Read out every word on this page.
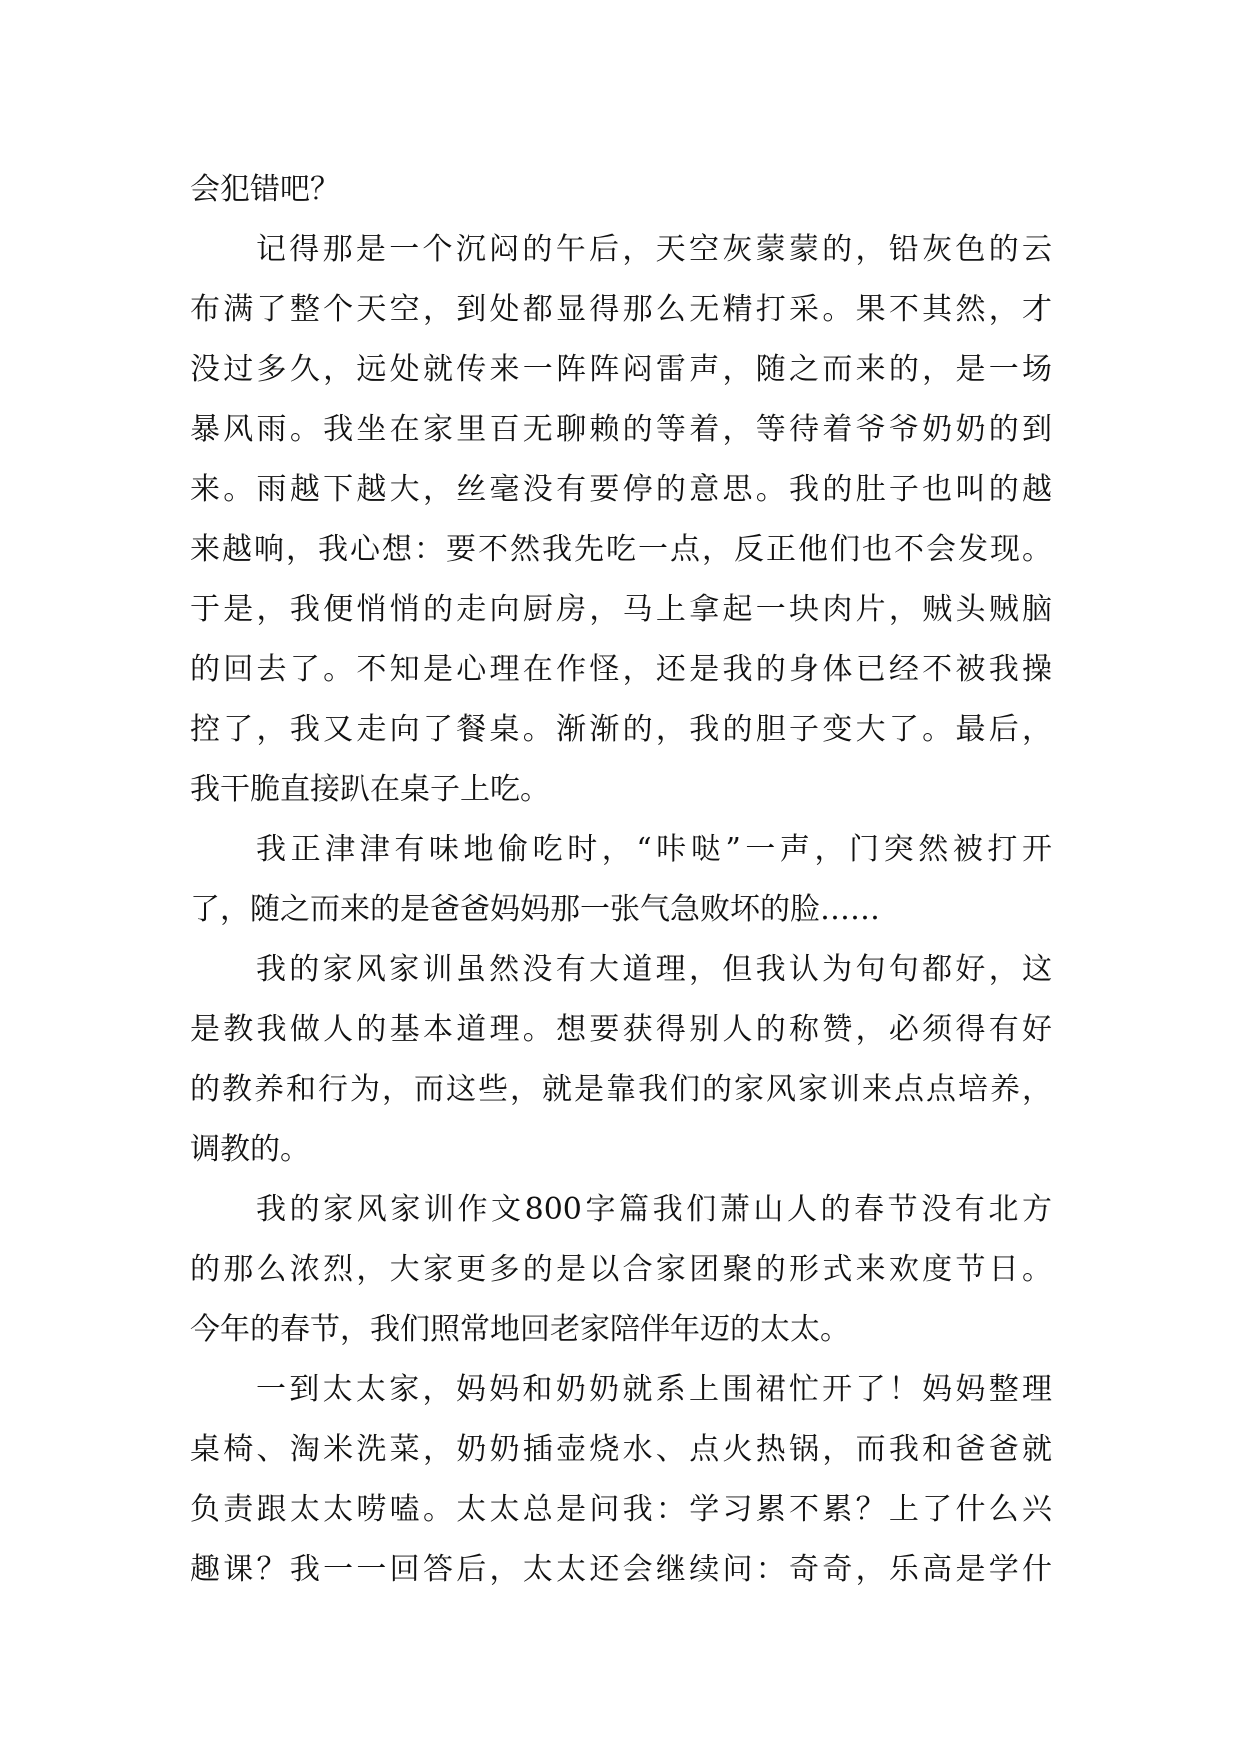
会犯错吧？
记得那是一个沉闷的午后，天空灰蒙蒙的，铅灰色的云
布满了整个天空，到处都显得那么无精打采。果不其然，才
没过多久，远处就传来一阵阵闷雷声，随之而来的，是一场
暴风雨。我坐在家里百无聊赖的等着，等待着爷爷奶奶的到
来。雨越下越大，丝毫没有要停的意思。我的肚子也叫的越
来越响，我心想：要不然我先吃一点，反正他们也不会发现。
于是，我便悄悄的走向厨房，马上拿起一块肉片，贼头贼脑
的回去了。不知是心理在作怪，还是我的身体已经不被我操
控了，我又走向了餐桌。渐渐的，我的胆子变大了。最后，
我干脆直接趴在桌子上吃。
我正津津有味地偷吃时，“咔哒”一声，门突然被打开
了，随之而来的是爸爸妈妈那一张气急败坏的脸……
我的家风家训虽然没有大道理，但我认为句句都好，这
是教我做人的基本道理。想要获得别人的称赞，必须得有好
的教养和行为，而这些，就是靠我们的家风家训来点点培养，
调教的。
我的家风家训作文800字篇我们萧山人的春节没有北方
的那么浓烈，大家更多的是以合家团聚的形式来欢度节日。
今年的春节，我们照常地回老家陪伴年迈的太太。
一到太太家，妈妈和奶奶就系上围裙忙开了！妈妈整理
桌椅、淘米洗菜，奶奶插壶烧水、点火热锅，而我和爸爸就
负责跟太太唠嗑。太太总是问我：学习累不累？上了什么兴
趣课？我一一回答后，太太还会继续问：奇奇，乐高是学什
